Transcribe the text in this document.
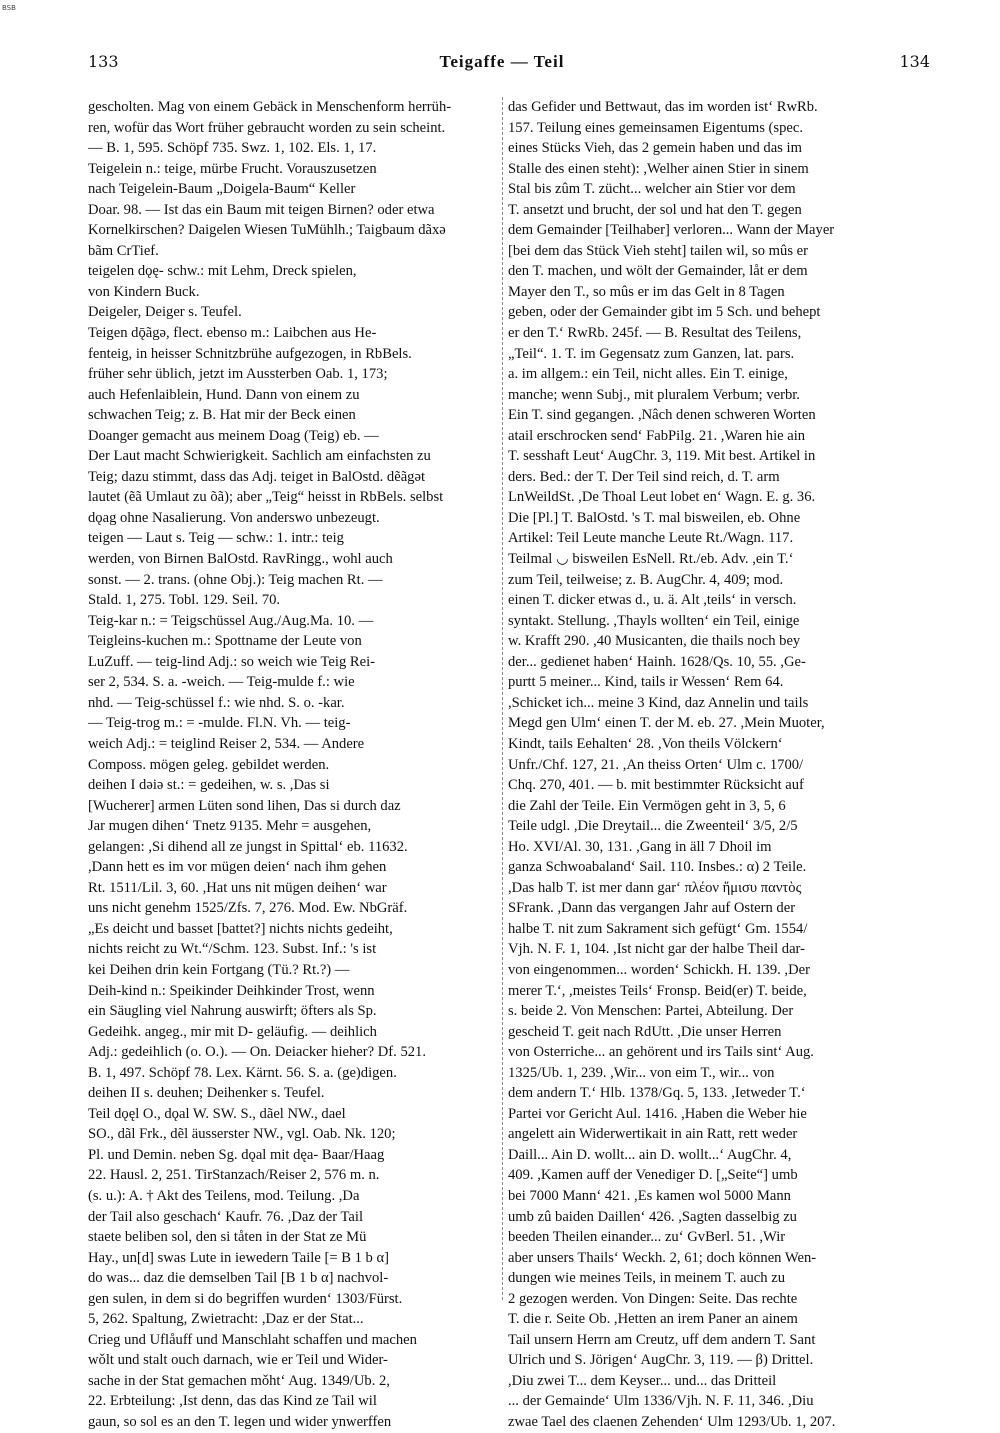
BSB
133	Teigaffe — Teil	134

gescholten. Mag von einem Gebäck in Menschenform herrüh-

ren, wofür das Wort früher gebraucht worden zu sein scheint.

— B. 1, 595. Schöpf 735. Swz. 1, 102. Els. 1, 17.

Teigelein n.: teige, mürbe Frucht. Vorauszusetzen

nach Teigelein-Baum „Doigela-Baum“ Keller

Doar. 98. — Ist das ein Baum mit teigen Birnen? oder etwa

Kornelkirschen? Daigelen Wiesen TuMühlh.; Taigbaum dãxə

bãm CrTief.

teigelen dǫę- schw.: mit Lehm, Dreck spielen,

von Kindern Buck.

Deigeler, Deiger s. Teufel.

Teigen dǭãgə, flect. ebenso m.: Laibchen aus He-

fenteig, in heisser Schnitzbrühe aufgezogen, in RbBels.

früher sehr üblich, jetzt im Aussterben Oab. 1, 173;

auch Hefenlaiblein, Hund. Dann von einem zu

schwachen Teig; z. B. Hat mir der Beck einen

Doanger gemacht aus meinem Doag (Teig) eb. —

Der Laut macht Schwierigkeit. Sachlich am einfachsten zu

Teig; dazu stimmt, dass das Adj. teiget in BalOstd. dẽãgət

lautet (ẽã Umlaut zu õã); aber „Teig“ heisst in RbBels. selbst

dǫag ohne Nasalierung. Von anderswo unbezeugt.

teigen — Laut s. Teig — schw.: 1. intr.: teig

werden, von Birnen BalOstd. RavRingg., wohl auch

sonst. — 2. trans. (ohne Obj.): Teig machen Rt. —

Stald. 1, 275. Tobl. 129. Seil. 70.

Teig-kar n.: = Teigschüssel Aug./Aug.Ma. 10. —

Teigleins-kuchen m.: Spottname der Leute von

LuZuff. — teig-lind Adj.: so weich wie Teig Rei-

ser 2, 534. S. a. -weich. — Teig-mulde f.: wie

nhd. — Teig-schüssel f.: wie nhd. S. o. -kar.

— Teig-trog m.: = -mulde. Fl.N. Vh. — teig-

weich Adj.: = teiglind Reiser 2, 534. — Andere

Composs. mögen geleg. gebildet werden.

deihen I dəiə st.: = gedeihen, w. s. ,Das si

[Wucherer] armen Lüten sond lihen, Das si durch daz

Jar mugen dihen‘ Tnetz 9135. Mehr = ausgehen,

gelangen: ,Si dihend all ze jungst in Spittal‘ eb. 11632.

,Dann hett es im vor mügen deien‘ nach ihm gehen

Rt. 1511/Lil. 3, 60. ,Hat uns nit mügen deihen‘ war

uns nicht genehm 1525/Zfs. 7, 276. Mod. Ew. NbGräf.

„Es deicht und basset [battet?] nichts nichts gedeiht,

nichts reicht zu Wt.“/Schm. 123. Subst. Inf.: 's ist

kei Deihen drin kein Fortgang (Tü.? Rt.?) —

Deih-kind n.: Speikinder Deihkinder Trost, wenn

ein Säugling viel Nahrung auswirft; öfters als Sp.

Gedeihk. angeg., mir mit D- geläufig. — deihlich

Adj.: gedeihlich (o. O.). — On. Deiacker hieher? Df. 521.

B. 1, 497. Schöpf 78. Lex. Kärnt. 56. S. a. (ge)digen.

deihen II s. deuhen; Deihenker s. Teufel.

Teil dǫęl O., dǫal W. SW. S., dãel NW., dael

SO., dãl Frk., dẽl äusserster NW., vgl. Oab. Nk. 120;

Pl. und Demin. neben Sg. dǫal mit dęa- Baar/Haag

22. Hausl. 2, 251. TirStanzach/Reiser 2, 576 m. n.

(s. u.): A. † Akt des Teilens, mod. Teilung. ,Da

der Tail also geschach‘ Kaufr. 76. ,Daz der Tail

staete beliben sol, den si tåten in der Stat ze Mü

Hay., un[d] swas Lute in iewedern Taile [= B 1 b α]

do was... daz die demselben Tail [B 1 b α] nachvol-

gen sulen, in dem si do begriffen wurden‘ 1303/Fürst.

5, 262. Spaltung, Zwietracht: ,Daz er der Stat...

Crieg und Uflåuff und Manschlaht schaffen und machen

wǒlt und stalt ouch darnach, wie er Teil und Wider-

sache in der Stat gemachen mǒht‘ Aug. 1349/Ub. 2,

22. Erbteilung: ,Ist denn, das das Kind ze Tail wil

gaun, so sol es an den T. legen und wider ynwerffen

das Gefider und Bettwaut, das im worden ist‘ RwRb.

157. Teilung eines gemeinsamen Eigentums (spec.

eines Stücks Vieh, das 2 gemein haben und das im

Stalle des einen steht): ,Welher ainen Stier in sinem

Stal bis zûm T. zücht... welcher ain Stier vor dem

T. ansetzt und brucht, der sol und hat den T. gegen

dem Gemainder [Teilhaber] verloren... Wann der Mayer

[bei dem das Stück Vieh steht] tailen wil, so mûs er

den T. machen, und wölt der Gemainder, låt er dem

Mayer den T., so mûs er im das Gelt in 8 Tagen

geben, oder der Gemainder gibt im 5 Sch. und behept

er den T.‘ RwRb. 245f. — B. Resultat des Teilens,

„Teil“. 1. T. im Gegensatz zum Ganzen, lat. pars.

a. im allgem.: ein Teil, nicht alles. Ein T. einige,

manche; wenn Subj., mit pluralem Verbum; verbr.

Ein T. sind gegangen. ,Nâch denen schweren Worten

atail erschrocken send‘ FabPilg. 21. ,Waren hie ain

T. sesshaft Leut‘ AugChr. 3, 119. Mit best. Artikel in

ders. Bed.: der T. Der Teil sind reich, d. T. arm

LnWeildSt. ,De Thoal Leut lobet en‘ Wagn. E. g. 36.

Die [Pl.] T. BalOstd. 's T. mal bisweilen, eb. Ohne

Artikel: Teil Leute manche Leute Rt./Wagn. 117.

Teilmal ◡ bisweilen EsNell. Rt./eb. Adv. ,ein T.‘

zum Teil, teilweise; z. B. AugChr. 4, 409; mod.

einen T. dicker etwas d., u. ä. Alt ,teils‘ in versch.

syntakt. Stellung. ,Thayls wollten‘ ein Teil, einige

w. Krafft 290. ,40 Musicanten, die thails noch bey

der... gedienet haben‘ Hainh. 1628/Qs. 10, 55. ,Ge-

purtt 5 meiner... Kind, tails ir Wessen‘ Rem 64.

,Schicket ich... meine 3 Kind, daz Annelin und tails

Megd gen Ulm‘ einen T. der M. eb. 27. ,Mein Muoter,

Kindt, tails Eehalten‘ 28. ,Von theils Völckern‘

Unfr./Chf. 127, 21. ,An theiss Orten‘ Ulm c. 1700/

Chq. 270, 401. — b. mit bestimmter Rücksicht auf

die Zahl der Teile. Ein Vermögen geht in 3, 5, 6

Teile udgl. ,Die Dreytail... die Zweenteil‘ 3/5, 2/5

Ho. XVI/Al. 30, 131. ,Gang in äll 7 Dhoil im

ganza Schwoabaland‘ Sail. 110. Insbes.: α) 2 Teile.

,Das halb T. ist mer dann gar‘ πλέον ἥμισυ παντὸς

SFrank. ,Dann das vergangen Jahr auf Ostern der

halbe T. nit zum Sakrament sich gefügt‘ Gm. 1554/

Vjh. N. F. 1, 104. ,Ist nicht gar der halbe Theil dar-

von eingenommen... worden‘ Schickh. H. 139. ,Der

merer T.‘, ,meistes Teils‘ Fronsp. Beid(er) T. beide,

s. beide 2. Von Menschen: Partei, Abteilung. Der

gescheid T. geit nach RdUtt. ,Die unser Herren

von Osterriche... an gehörent und irs Tails sint‘ Aug.

1325/Ub. 1, 239. ,Wir... von eim T., wir... von

dem andern T.‘ Hlb. 1378/Gq. 5, 133. ,Ietweder T.‘

Partei vor Gericht Aul. 1416. ,Haben die Weber hie

angelett ain Widerwertikait in ain Ratt, rett weder

Daill... Ain D. wollt... ain D. wollt...‘ AugChr. 4,

409. ,Kamen auff der Venediger D. [„Seite“] umb

bei 7000 Mann‘ 421. ,Es kamen wol 5000 Mann

umb zû baiden Daillen‘ 426. ,Sagten dasselbig zu

beeden Theilen einander... zu‘ GvBerl. 51. ,Wir

aber unsers Thails‘ Weckh. 2, 61; doch können Wen-

dungen wie meines Teils, in meinem T. auch zu

2 gezogen werden. Von Dingen: Seite. Das rechte

T. die r. Seite Ob. ,Hetten an irem Paner an ainem

Tail unsern Herrn am Creutz, uff dem andern T. Sant

Ulrich und S. Jörigen‘ AugChr. 3, 119. — β) Drittel.

,Diu zwei T... dem Keyser... und... das Dritteil

... der Gemainde‘ Ulm 1336/Vjh. N. F. 11, 346. ,Diu

zwae Tael des claenen Zehenden‘ Ulm 1293/Ub. 1, 207.
